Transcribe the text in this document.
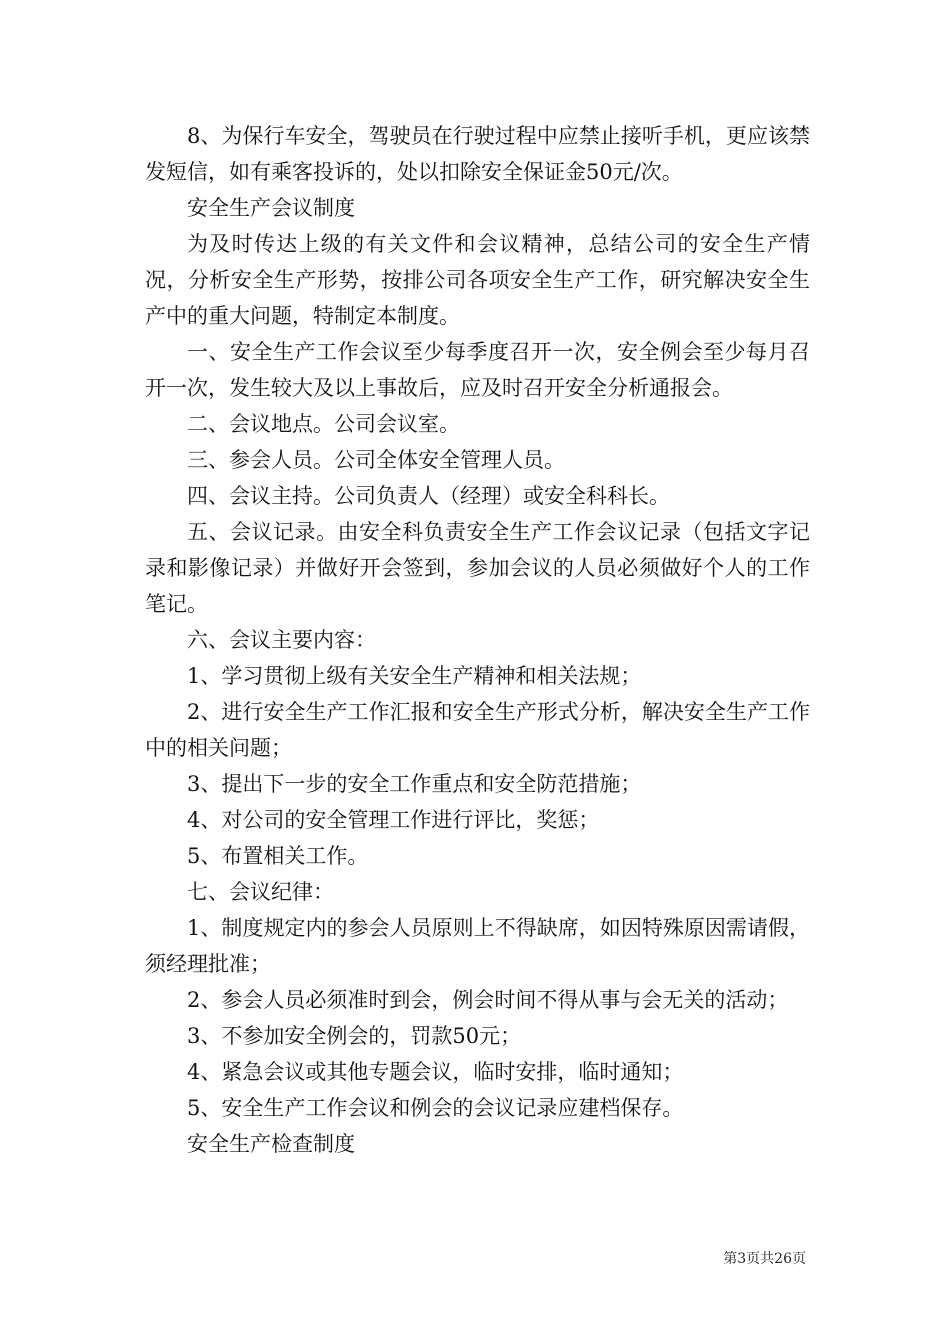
8、为保行车安全，驾驶员在行驶过程中应禁止接听手机，更应该禁发短信，如有乘客投诉的，处以扣除安全保证金50元/次。

安全生产会议制度

为及时传达上级的有关文件和会议精神，总结公司的安全生产情况，分析安全生产形势，按排公司各项安全生产工作，研究解决安全生产中的重大问题，特制定本制度。

一、安全生产工作会议至少每季度召开一次，安全例会至少每月召开一次，发生较大及以上事故后，应及时召开安全分析通报会。

二、会议地点。公司会议室。

三、参会人员。公司全体安全管理人员。

四、会议主持。公司负责人（经理）或安全科科长。

五、会议记录。由安全科负责安全生产工作会议记录（包括文字记录和影像记录）并做好开会签到，参加会议的人员必须做好个人的工作笔记。

六、会议主要内容：

1、学习贯彻上级有关安全生产精神和相关法规；

2、进行安全生产工作汇报和安全生产形式分析，解决安全生产工作中的相关问题；

3、提出下一步的安全工作重点和安全防范措施；

4、对公司的安全管理工作进行评比，奖惩；

5、布置相关工作。

七、会议纪律：

1、制度规定内的参会人员原则上不得缺席，如因特殊原因需请假，须经理批准；

2、参会人员必须准时到会，例会时间不得从事与会无关的活动；

3、不参加安全例会的，罚款50元；

4、紧急会议或其他专题会议，临时安排，临时通知；

5、安全生产工作会议和例会的会议记录应建档保存。

安全生产检查制度

第3页共26页
